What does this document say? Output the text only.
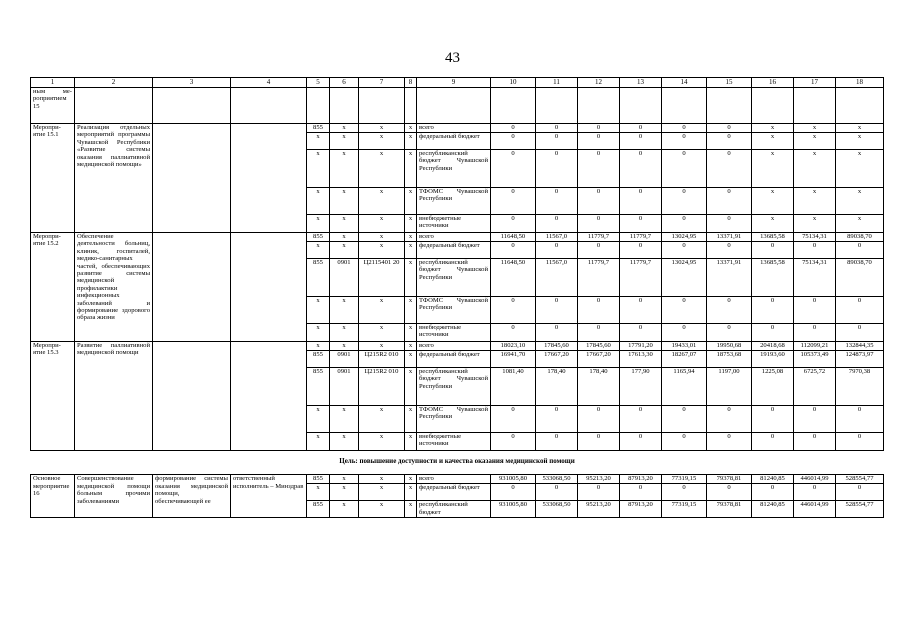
43
1	2	3	4	5	6	7	8	9	10	11	12	13	14	15	16	17	18
ным ме-роприятием 15																	
Меропри-ятие 15.1	Реализация отдельных мероприятий программы Чувашской Республики «Развитие системы оказания паллиативной медицинской помощи»			855	x	x	x	всего	0	0	0	0	0	0	x	x	x
				x	x	x	x	федеральный бюджет	0	0	0	0	0	0	x	x	x
				x	x	x	x	республиканский бюджет Чувашской Республики	0	0	0	0	0	0	x	x	x
				x	x	x	x	ТФОМС Чувашской Республики	0	0	0	0	0	0	x	x	x
				x	x	x	x	внебюджетные источники	0	0	0	0	0	0	x	x	x
Меропри-ятие 15.2	Обеспечение деятельности больниц, клиник, госпиталей, медико-санитарных частей, обеспечивающих развитие системы медицинской профилактики инфекционных заболеваний и формирование здорового образа жизни			855	x	x	x	всего	11648,50	11567,0	11779,7	11779,7	13024,95	13371,91	13685,58	75134,31	89038,70
				x	x	x	x	федеральный бюджет	0	0	0	0	0	0	0	0	0
				855	0901	Ц2115401 20	x	республиканский бюджет Чувашской Республики	11648,50	11567,0	11779,7	11779,7	13024,95	13371,91	13685,58	75134,31	89038,70
				x	x	x	x	ТФОМС Чувашской Республики	0	0	0	0	0	0	0	0	0
				x	x	x	x	внебюджетные источники	0	0	0	0	0	0	0	0	0
Меропри-ятие 15.3	Развитие паллиативной медицинской помощи			x	x	x	x	всего	18023,10	17845,60	17845,60	17791,20	19433,01	19950,68	20418,68	112099,21	132844,35
				855	0901	Ц215R2 010	x	федеральный бюджет	16941,70	17667,20	17667,20	17613,30	18267,07	18753,68	19193,60	105373,49	124873,97
				855	0901	Ц215R2 010	x	республиканский бюджет Чувашской Республики	1081,40	178,40	178,40	177,90	1165,94	1197,00	1225,08	6725,72	7970,38
				x	x	x	x	ТФОМС Чувашской Республики	0	0	0	0	0	0	0	0	0
				x	x	x	x	внебюджетные источники	0	0	0	0	0	0	0	0	0
Цель: повышение доступности и качества оказания медицинской помощи																	
Основное мероприятие 16	Совершенствование медицинской помощи больным прочими заболеваниями	формирование системы оказания медицинской помощи, обеспечивающей ее	ответственный исполнитель – Минздрав	855	x	x	x	всего	931005,80	533068,50	95213,20	87913,20	77319,15	79378,81	81240,85	446014,99	528554,77
				x	x	x	x	федеральный бюджет	0	0	0	0	0	0	0	0	0
				855	x	x	x	республиканский бюджет	931005,80	533068,50	95213,20	87913,20	77319,15	79378,81	81240,85	446014,99	528554,77
